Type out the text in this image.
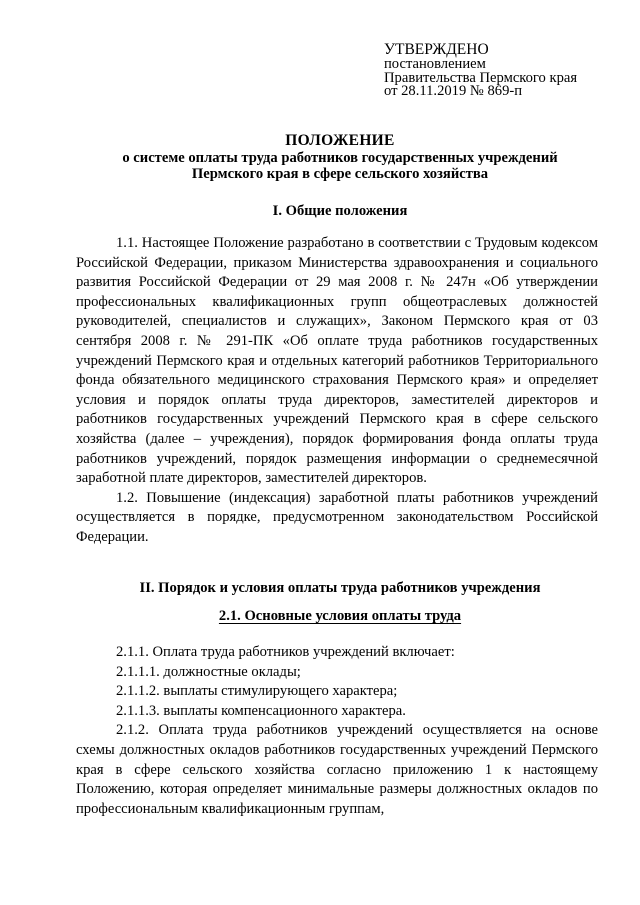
УТВЕРЖДЕНО
постановлением
Правительства Пермского края
от 28.11.2019 № 869-п
ПОЛОЖЕНИЕ
о системе оплаты труда работников государственных учреждений
Пермского края в сфере сельского хозяйства
I. Общие положения

1.1. Настоящее Положение разработано в соответствии с Трудовым кодексом Российской Федерации, приказом Министерства здравоохранения и социального развития Российской Федерации от 29 мая 2008 г. № 247н «Об утверждении профессиональных квалификационных групп общеотраслевых должностей руководителей, специалистов и служащих», Законом Пермского края от 03 сентября 2008 г. № 291-ПК «Об оплате труда работников государственных учреждений Пермского края и отдельных категорий работников Территориального фонда обязательного медицинского страхования Пермского края» и определяет условия и порядок оплаты труда директоров, заместителей директоров и работников государственных учреждений Пермского края в сфере сельского хозяйства (далее – учреждения), порядок формирования фонда оплаты труда работников учреждений, порядок размещения информации о среднемесячной заработной плате директоров, заместителей директоров.

1.2. Повышение (индексация) заработной платы работников учреждений осуществляется в порядке, предусмотренном законодательством Российской Федерации.

II. Порядок и условия оплаты труда работников учреждения
2.1. Основные условия оплаты труда

2.1.1. Оплата труда работников учреждений включает:

2.1.1.1. должностные оклады;

2.1.1.2. выплаты стимулирующего характера;

2.1.1.3. выплаты компенсационного характера.

2.1.2. Оплата труда работников учреждений осуществляется на основе схемы должностных окладов работников государственных учреждений Пермского края в сфере сельского хозяйства согласно приложению 1 к настоящему Положению, которая определяет минимальные размеры должностных окладов по профессиональным квалификационным группам,
